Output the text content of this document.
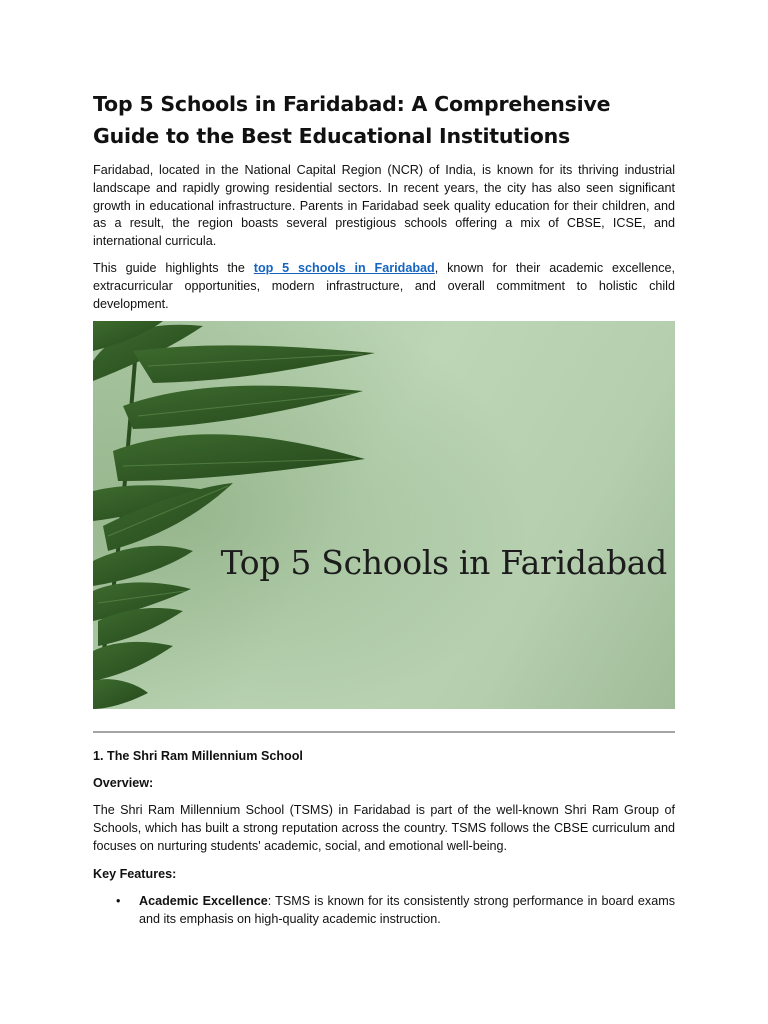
Top 5 Schools in Faridabad: A Comprehensive Guide to the Best Educational Institutions

Faridabad, located in the National Capital Region (NCR) of India, is known for its thriving industrial landscape and rapidly growing residential sectors. In recent years, the city has also seen significant growth in educational infrastructure. Parents in Faridabad seek quality education for their children, and as a result, the region boasts several prestigious schools offering a mix of CBSE, ICSE, and international curricula.

This guide highlights the top 5 schools in Faridabad, known for their academic excellence, extracurricular opportunities, modern infrastructure, and overall commitment to holistic child development.

Top 5 Schools in Faridabad
1. The Shri Ram Millennium School
Overview:

The Shri Ram Millennium School (TSMS) in Faridabad is part of the well-known Shri Ram Group of Schools, which has built a strong reputation across the country. TSMS follows the CBSE curriculum and focuses on nurturing students' academic, social, and emotional well-being.

Key Features:
• Academic Excellence: TSMS is known for its consistently strong performance in board exams and its emphasis on high-quality academic instruction.
